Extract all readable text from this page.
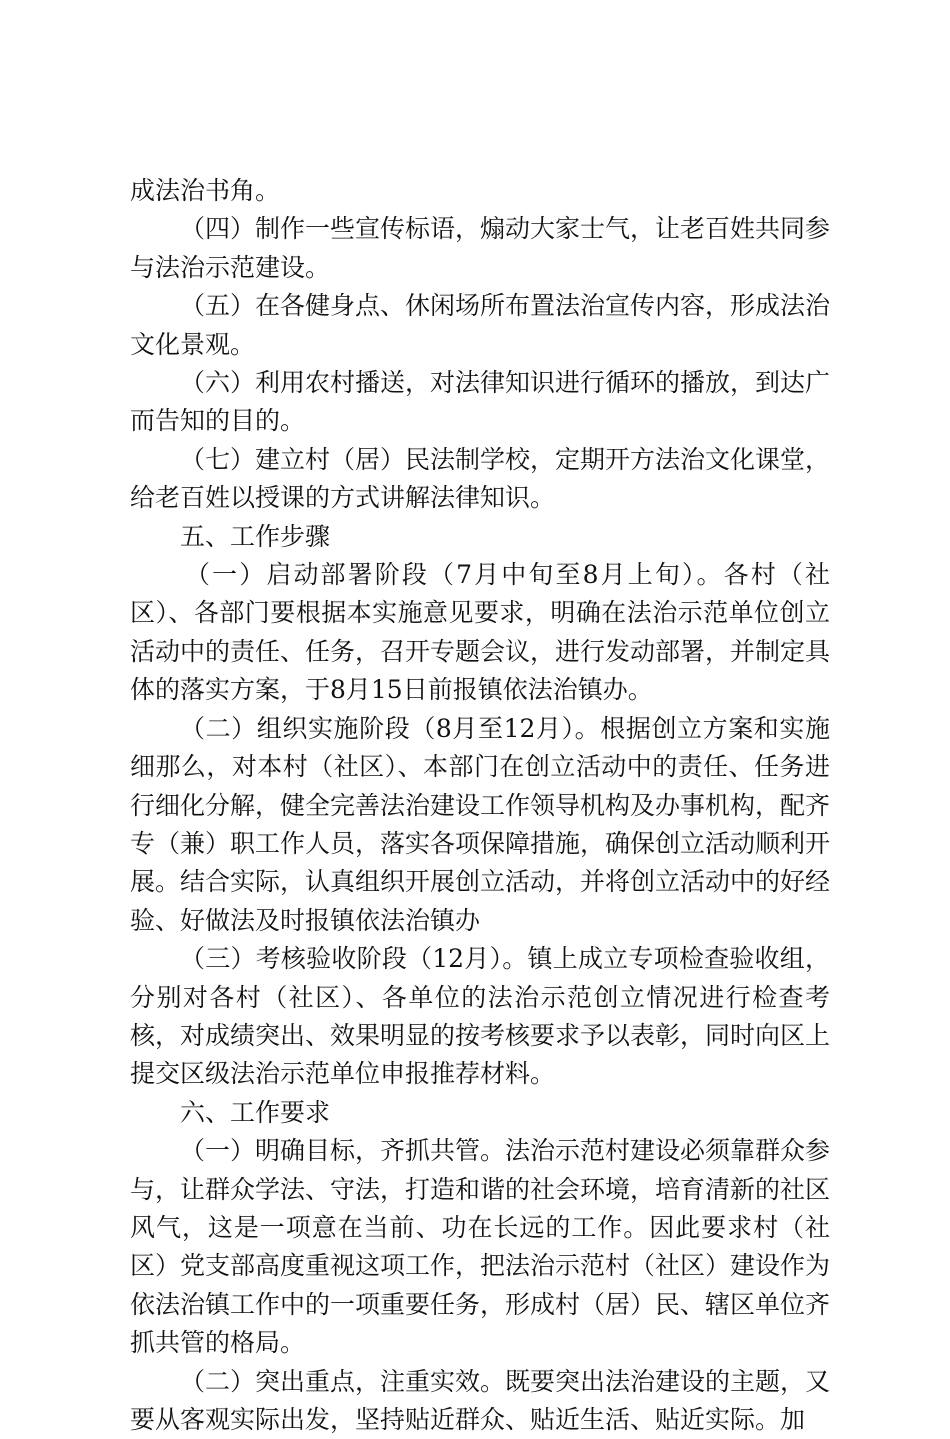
成法治书角。

（四）制作一些宣传标语，煽动大家士气，让老百姓共同参与法治示范建设。

（五）在各健身点、休闲场所布置法治宣传内容，形成法治文化景观。

（六）利用农村播送，对法律知识进行循环的播放，到达广而告知的目的。

（七）建立村（居）民法制学校，定期开方法治文化课堂，给老百姓以授课的方式讲解法律知识。

五、工作步骤

（一）启动部署阶段（7月中旬至8月上旬）。各村（社区）、各部门要根据本实施意见要求，明确在法治示范单位创立活动中的责任、任务，召开专题会议，进行发动部署，并制定具体的落实方案，于8月15日前报镇依法治镇办。

（二）组织实施阶段（8月至12月）。根据创立方案和实施细那么，对本村（社区）、本部门在创立活动中的责任、任务进行细化分解，健全完善法治建设工作领导机构及办事机构，配齐专（兼）职工作人员，落实各项保障措施，确保创立活动顺利开展。结合实际，认真组织开展创立活动，并将创立活动中的好经验、好做法及时报镇依法治镇办

（三）考核验收阶段（12月）。镇上成立专项检查验收组，分别对各村（社区）、各单位的法治示范创立情况进行检查考核，对成绩突出、效果明显的按考核要求予以表彰，同时向区上提交区级法治示范单位申报推荐材料。

六、工作要求

（一）明确目标，齐抓共管。法治示范村建设必须靠群众参与，让群众学法、守法，打造和谐的社会环境，培育清新的社区风气，这是一项意在当前、功在长远的工作。因此要求村（社区）党支部高度重视这项工作，把法治示范村（社区）建设作为依法治镇工作中的一项重要任务，形成村（居）民、辖区单位齐抓共管的格局。

（二）突出重点，注重实效。既要突出法治建设的主题，又要从客观实际出发，坚持贴近群众、贴近生活、贴近实际。加
